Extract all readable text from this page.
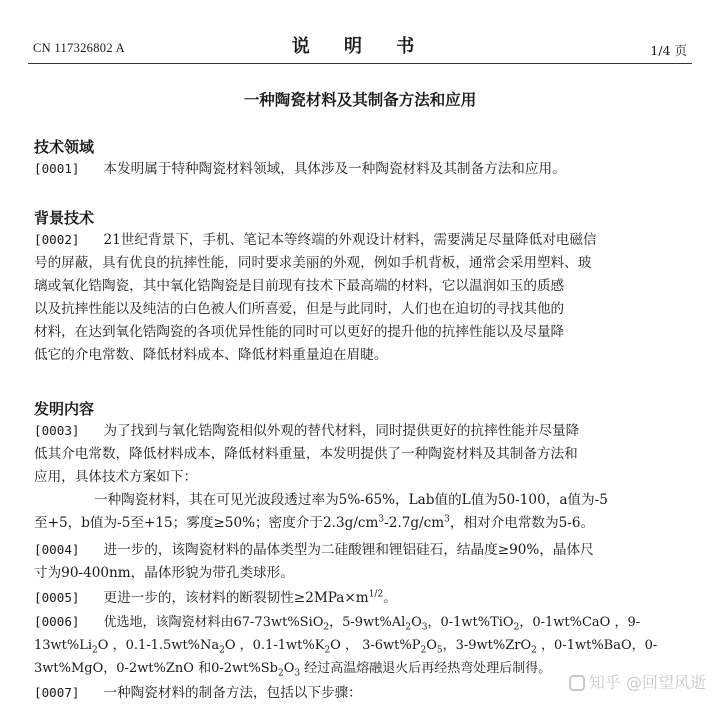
CN 117326802 A	说 明 书	1/4 页
一种陶瓷材料及其制备方法和应用
技术领域
[0001] 本发明属于特种陶瓷材料领域，具体涉及一种陶瓷材料及其制备方法和应用。
背景技术
[0002] 21世纪背景下，手机、笔记本等终端的外观设计材料，需要满足尽量降低对电磁信
号的屏蔽，具有优良的抗摔性能，同时要求美丽的外观，例如手机背板，通常会采用塑料、玻
璃或氧化锆陶瓷，其中氧化锆陶瓷是目前现有技术下最高端的材料，它以温润如玉的质感
以及抗摔性能以及纯洁的白色被人们所喜爱，但是与此同时，人们也在迫切的寻找其他的
材料，在达到氧化锆陶瓷的各项优异性能的同时可以更好的提升他的抗摔性能以及尽量降
低它的介电常数、降低材料成本、降低材料重量迫在眉睫。
发明内容
[0003] 为了找到与氧化锆陶瓷相似外观的替代材料，同时提供更好的抗摔性能并尽量降
低其介电常数，降低材料成本，降低材料重量，本发明提供了一种陶瓷材料及其制备方法和
应用，具体技术方案如下：
一种陶瓷材料，其在可见光波段透过率为5%-65%，Lab值的L值为50-100，a值为-5
至+5，b值为-5至+15；雾度≥50%；密度介于$2.3g/cm^3-2.7g/cm^3$，相对介电常数为5-6。
[0004] 进一步的，该陶瓷材料的晶体类型为二硅酸锂和锂铝硅石，结晶度≥90%，晶体尺
寸为90-400nm，晶体形貌为带孔类球形。
[0005] 更进一步的，该材料的断裂韧性$\ge 2MPa\times m^{1/2}$。
[0006] 优选地，该陶瓷材料由67-73wt%SiO$_2$，$5-9wt\%Al_2O_3$，0-1wt%TiO$_2$，0-1wt%CaO ，9-
$13wt\%Li_2O$ ，$0.1-1.5wt\%Na_2O$ ，$0.1-1wt\%K_2O$ ， $3-6wt\%P_2O_5$，3-9wt%ZrO$_2$ ，0-1wt%BaO，0-
3wt%MgO，0-2wt%ZnO 和$0-2wt\%Sb_2O_3$ 经过高温熔融退火后再经热弯处理后制得。
[0007] 一种陶瓷材料的制备方法，包括以下步骤：
知乎 @回望风逝
